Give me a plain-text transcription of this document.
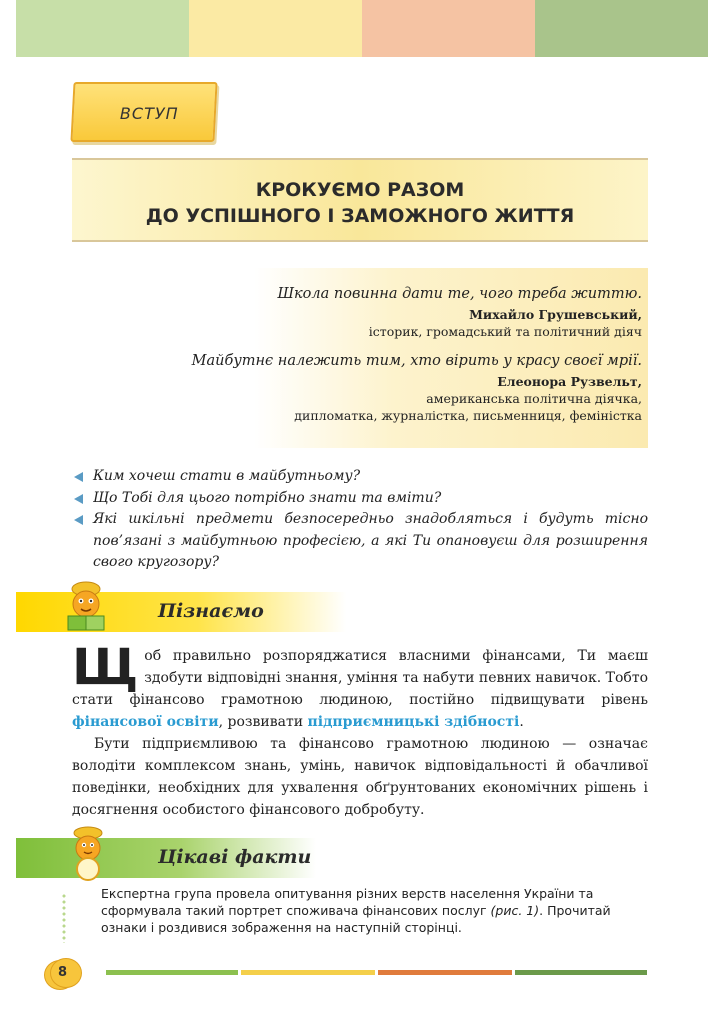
ВСТУП
КРОКУЄМО РАЗОМ
ДО УСПІШНОГО І ЗАМОЖНОГО ЖИТТЯ
Школа повинна дати те, чого треба життю.
Михайло Грушевський,
історик, громадський та політичний діяч
Майбутнє належить тим, хто вірить у красу своєї мрії.
Елеонора Рузвельт,
американська політична діячка,
дипломатка, журналістка, письменниця, феміністка
Ким хочеш стати в майбутньому?
Що Тобі для цього потрібно знати та вміти?
Які шкільні предмети безпосередньо знадобляться і будуть тісно пов’язані з майбутньою професією, а які Ти опановуєш для розширення свого кругозору?
Пізнаємо

Щ об правильно розпоряджатися власними фінансами, Ти маєш здобути відповідні знання, уміння та набути певних навичок. Тобто стати фінансово грамотною людиною, постійно підвищувати рівень фінансової освіти, розвивати підприємницькі здібності.

Бути підприємливою та фінансово грамотною людиною — означає володіти комплексом знань, умінь, навичок відповідальності й обачливої поведінки, необхідних для ухвалення обґрунтованих економічних рішень і досягнення особистого фінансового добробуту.

Цікаві факти
Експертна група провела опитування різних верств населення України та сформувала такий портрет споживача фінансових послуг (рис. 1). Прочитай ознаки і роздивися зображення на наступній сторінці.
8
